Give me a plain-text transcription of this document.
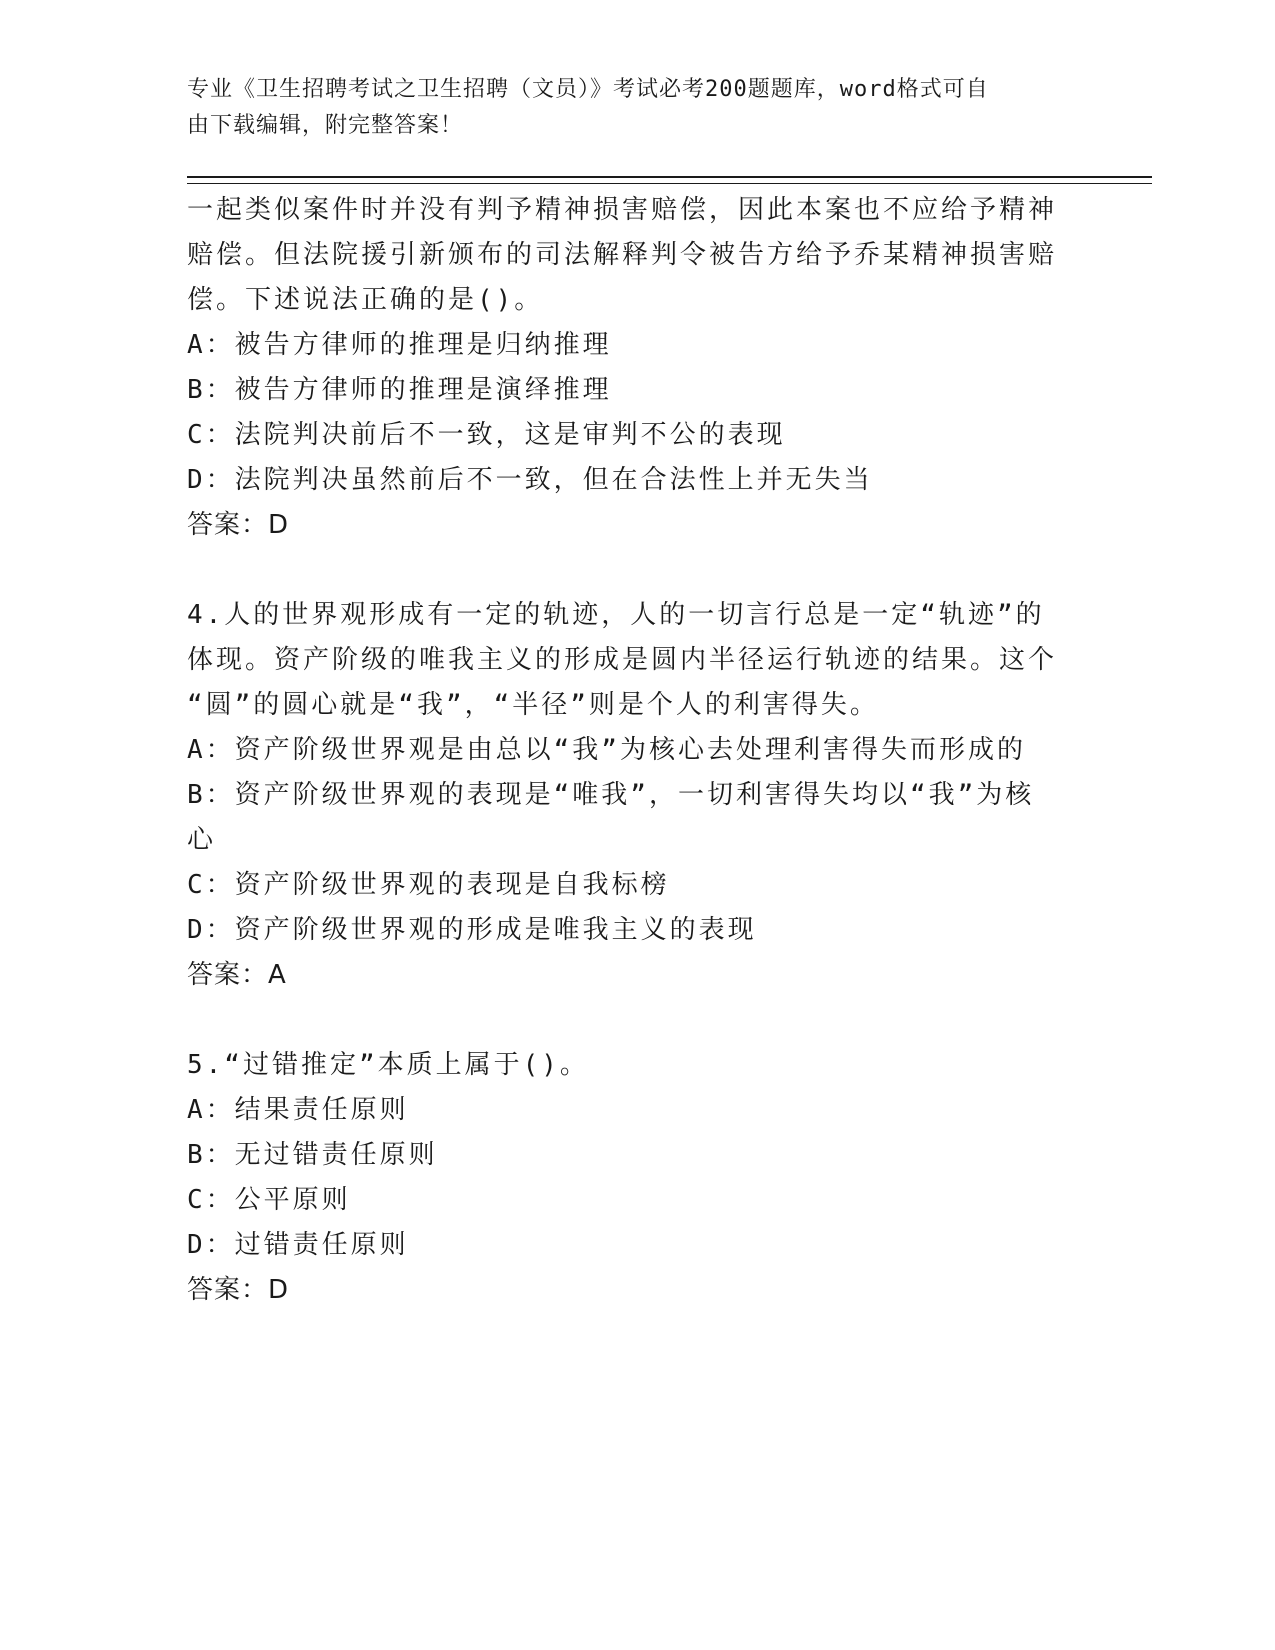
专业《卫生招聘考试之卫生招聘（文员）》考试必考200题题库，word格式可自
由下载编辑，附完整答案！
一起类似案件时并没有判予精神损害赔偿，因此本案也不应给予精神
赔偿。但法院援引新颁布的司法解释判令被告方给予乔某精神损害赔
偿。下述说法正确的是()。
A：被告方律师的推理是归纳推理
B：被告方律师的推理是演绎推理
C：法院判决前后不一致，这是审判不公的表现
D：法院判决虽然前后不一致，但在合法性上并无失当
答案：D
4.人的世界观形成有一定的轨迹，人的一切言行总是一定“轨迹”的
体现。资产阶级的唯我主义的形成是圆内半径运行轨迹的结果。这个
“圆”的圆心就是“我”，“半径”则是个人的利害得失。
A：资产阶级世界观是由总以“我”为核心去处理利害得失而形成的
B：资产阶级世界观的表现是“唯我”，一切利害得失均以“我”为核
心
C：资产阶级世界观的表现是自我标榜
D：资产阶级世界观的形成是唯我主义的表现
答案：A
5.“过错推定”本质上属于()。
A：结果责任原则
B：无过错责任原则
C：公平原则
D：过错责任原则
答案：D
